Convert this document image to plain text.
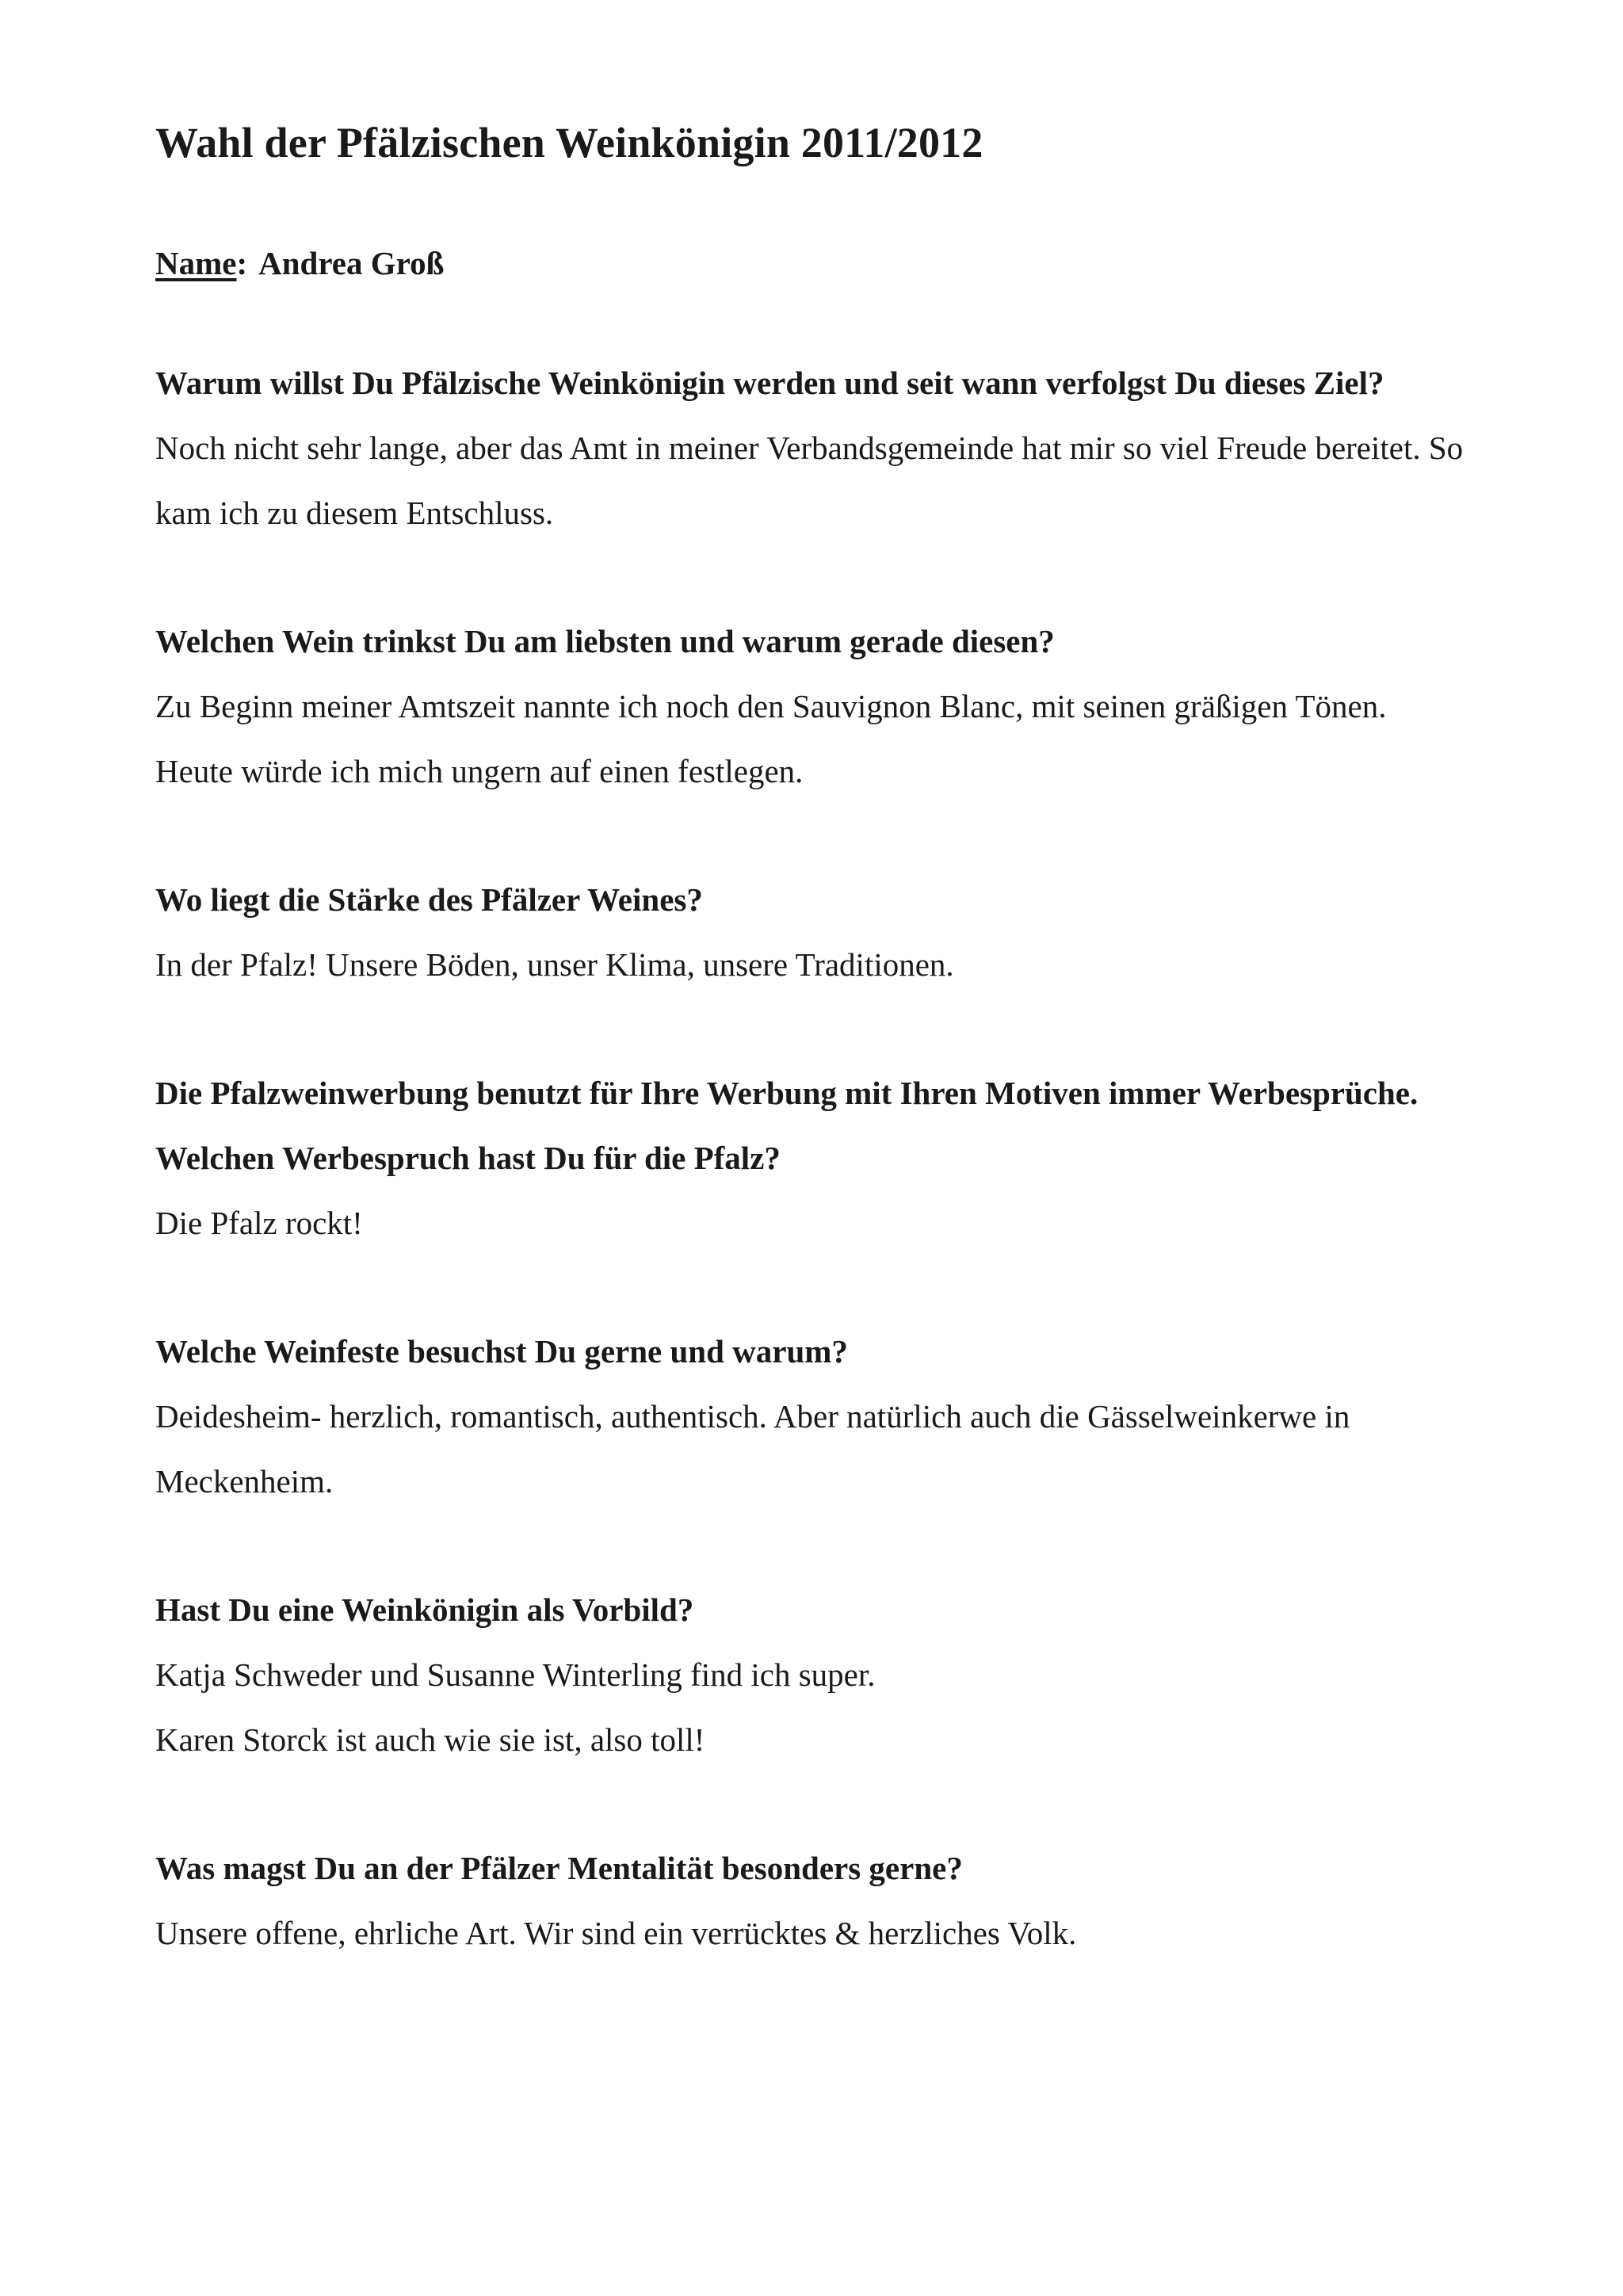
Wahl der Pfälzischen Weinkönigin 2011/2012
Name: Andrea Groß

Warum willst Du Pfälzische Weinkönigin werden und seit wann verfolgst Du dieses Ziel?

Noch nicht sehr lange, aber das Amt in meiner Verbandsgemeinde hat mir so viel Freude bereitet. So kam ich zu diesem Entschluss.

Welchen Wein trinkst Du am liebsten und warum gerade diesen?

Zu Beginn meiner Amtszeit nannte ich noch den Sauvignon Blanc, mit seinen gräßigen Tönen. Heute würde ich mich ungern auf einen festlegen.

Wo liegt die Stärke des Pfälzer Weines?

In der Pfalz! Unsere Böden, unser Klima, unsere Traditionen.

Die Pfalzweinwerbung benutzt für Ihre Werbung mit Ihren Motiven immer Werbesprüche. Welchen Werbespruch hast Du für die Pfalz?

Die Pfalz rockt!

Welche Weinfeste besuchst Du gerne und warum?

Deidesheim- herzlich, romantisch, authentisch. Aber natürlich auch die Gässelweinkerwe in Meckenheim.

Hast Du eine Weinkönigin als Vorbild?

Katja Schweder und Susanne Winterling find ich super.
Karen Storck ist auch wie sie ist, also toll!

Was magst Du an der Pfälzer Mentalität besonders gerne?

Unsere offene, ehrliche Art. Wir sind ein verrücktes & herzliches Volk.
